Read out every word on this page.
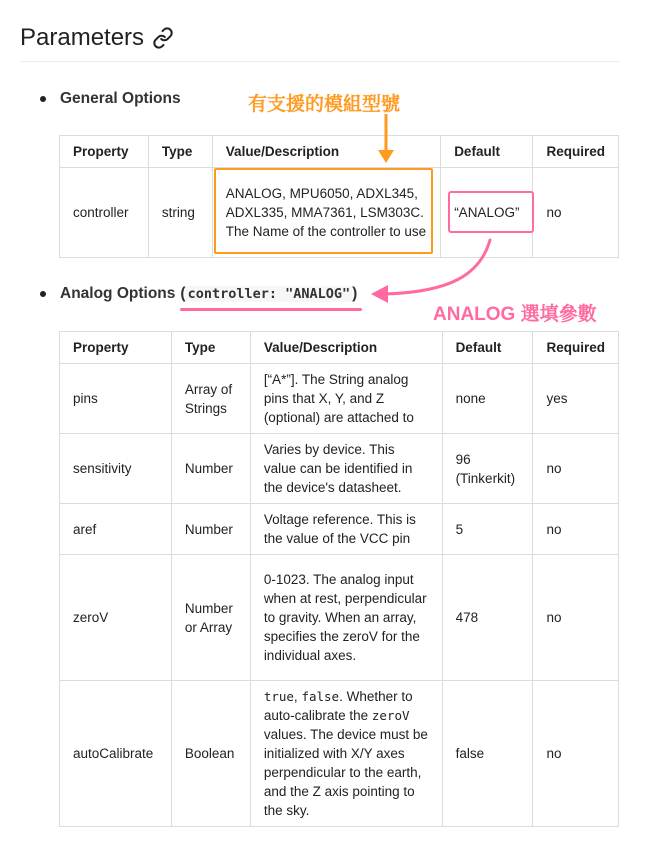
Parameters
General Options
Property	Type	Value/Description	Default	Required
controller	string	ANALOG, MPU6050, ADXL345, ADXL335, MMA7361, LSM303C. The Name of the controller to use	“ANALOG”	no
Analog Options ( controller: "ANALOG" )
Property	Type	Value/Description	Default	Required
pins	Array of Strings	[“A*”]. The String analog pins that X, Y, and Z (optional) are attached to	none	yes
sensitivity	Number	Varies by device. This value can be identified in the device's datasheet.	96 (Tinkerkit)	no
aref	Number	Voltage reference. This is the value of the VCC pin	5	no
zeroV	Number or Array	0-1023. The analog input when at rest, perpendicular to gravity. When an array, specifies the zeroV for the individual axes.	478	no
autoCalibrate	Boolean	true, false. Whether to auto-calibrate the zeroV values. The device must be initialized with X/Y axes perpendicular to the earth, and the Z axis pointing to the sky.	false	no
有支援的模組型號
ANALOG 選填參數
